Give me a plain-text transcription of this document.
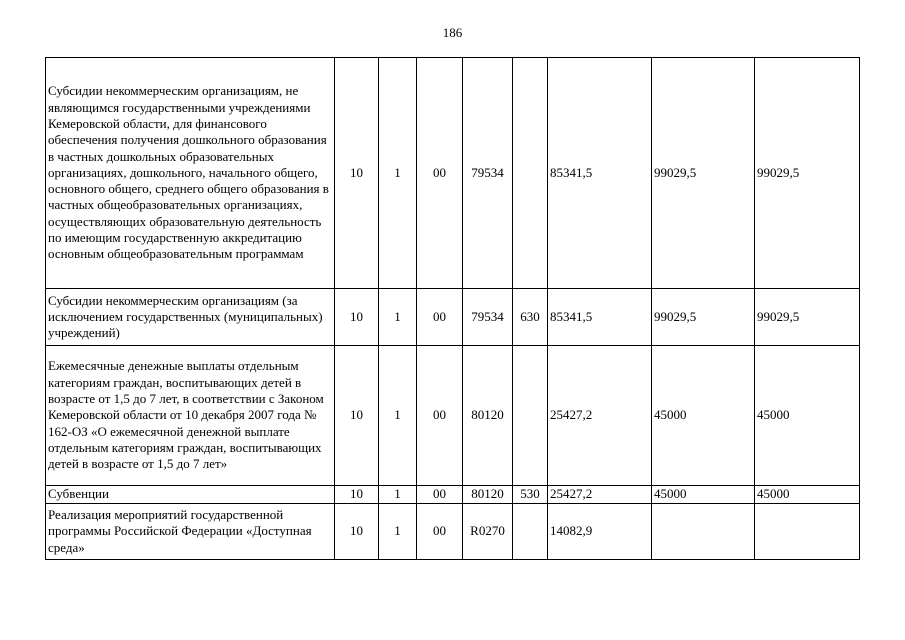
186
Субсидии некоммерческим организациям, не являющимся государственными учреждениями Кемеровской области, для финансового обеспечения получения дошкольного образования в частных дошкольных образовательных организациях, дошкольного, начального общего, основного общего, среднего общего образования в частных общеобразовательных организациях, осуществляющих образовательную деятельность по имеющим государственную аккредитацию основным общеобразовательным программам	10	1	00	79534		85341,5	99029,5	99029,5
Субсидии некоммерческим организациям (за исключением государственных (муниципальных) учреждений)	10	1	00	79534	630	85341,5	99029,5	99029,5
Ежемесячные денежные выплаты отдельным категориям граждан, воспитывающих детей в возрасте от 1,5 до 7 лет, в соответствии с Законом Кемеровской области от 10 декабря 2007 года № 162-ОЗ «О ежемесячной денежной выплате отдельным категориям граждан, воспитывающих детей в возрасте от 1,5 до 7 лет»	10	1	00	80120		25427,2	45000	45000
Субвенции	10	1	00	80120	530	25427,2	45000	45000
Реализация мероприятий государственной программы Российской Федерации «Доступная среда»	10	1	00	R0270		14082,9		
